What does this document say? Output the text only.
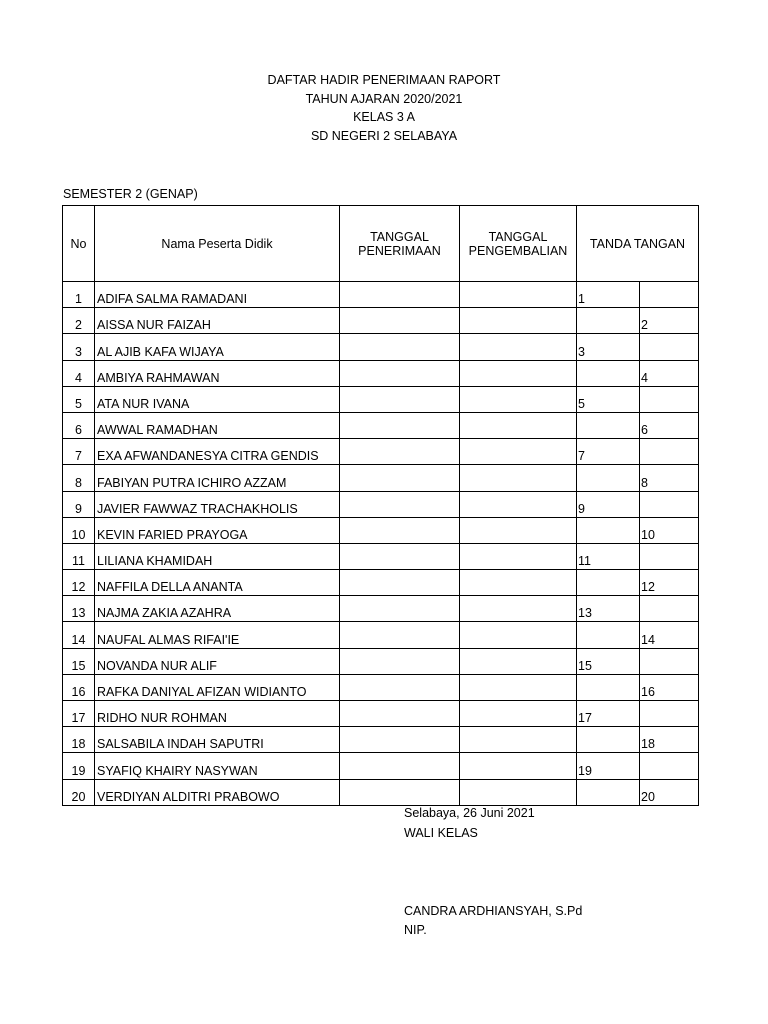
DAFTAR HADIR PENERIMAAN RAPORT
TAHUN AJARAN 2020/2021
KELAS 3 A
SD NEGERI 2 SELABAYA
SEMESTER 2 (GENAP)
No	Nama Peserta Didik	TANGGAL PENERIMAAN	TANGGAL PENGEMBALIAN	TANDA TANGAN	
1	ADIFA SALMA RAMADANI			1	
2	AISSA NUR FAIZAH				2
3	AL AJIB KAFA WIJAYA			3	
4	AMBIYA RAHMAWAN				4
5	ATA NUR IVANA			5	
6	AWWAL RAMADHAN				6
7	EXA AFWANDANESYA CITRA GENDIS			7	
8	FABIYAN PUTRA ICHIRO AZZAM				8
9	JAVIER FAWWAZ TRACHAKHOLIS			9	
10	KEVIN FARIED PRAYOGA				10
11	LILIANA KHAMIDAH			11	
12	NAFFILA DELLA ANANTA				12
13	NAJMA ZAKIA AZAHRA			13	
14	NAUFAL ALMAS RIFAI'IE				14
15	NOVANDA NUR ALIF			15	
16	RAFKA DANIYAL AFIZAN WIDIANTO				16
17	RIDHO NUR ROHMAN			17	
18	SALSABILA INDAH SAPUTRI				18
19	SYAFIQ KHAIRY NASYWAN			19	
20	VERDIYAN ALDITRI PRABOWO				20
Selabaya, 26 Juni 2021
WALI KELAS
CANDRA ARDHIANSYAH, S.Pd
NIP.
